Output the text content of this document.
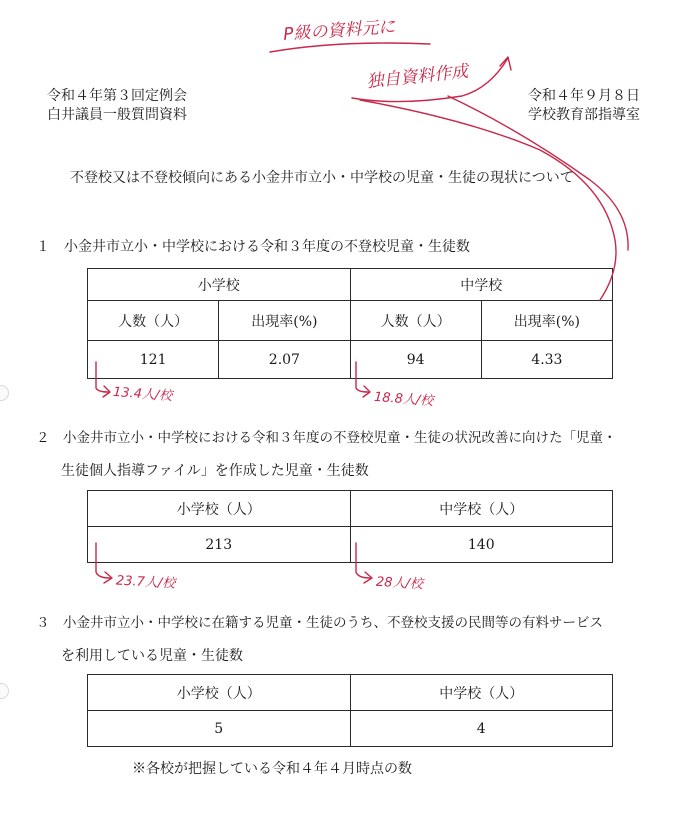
令和４年第３回定例会
白井議員一般質問資料
令和４年９月８日
学校教育部指導室
不登校又は不登校傾向にある小金井市立小・中学校の児童・生徒の現状について
１　小金井市立小・中学校における令和３年度の不登校児童・生徒数
小学校		中学校	
人数（人）	出現率(%)	人数（人）	出現率(%)
121	2.07	94	4.33
２　小金井市立小・中学校における令和３年度の不登校児童・生徒の状況改善に向けた「児童・
生徒個人指導ファイル」を作成した児童・生徒数
小学校（人）	中学校（人）
213	140
３　小金井市立小・中学校に在籍する児童・生徒のうち、不登校支援の民間等の有料サービス
を利用している児童・生徒数
小学校（人）	中学校（人）
5	4
※各校が把握している令和４年４月時点の数
P級の資料元に
独自資料作成
13.4人/校	18.8人/校
23.7人/校	28人/校
